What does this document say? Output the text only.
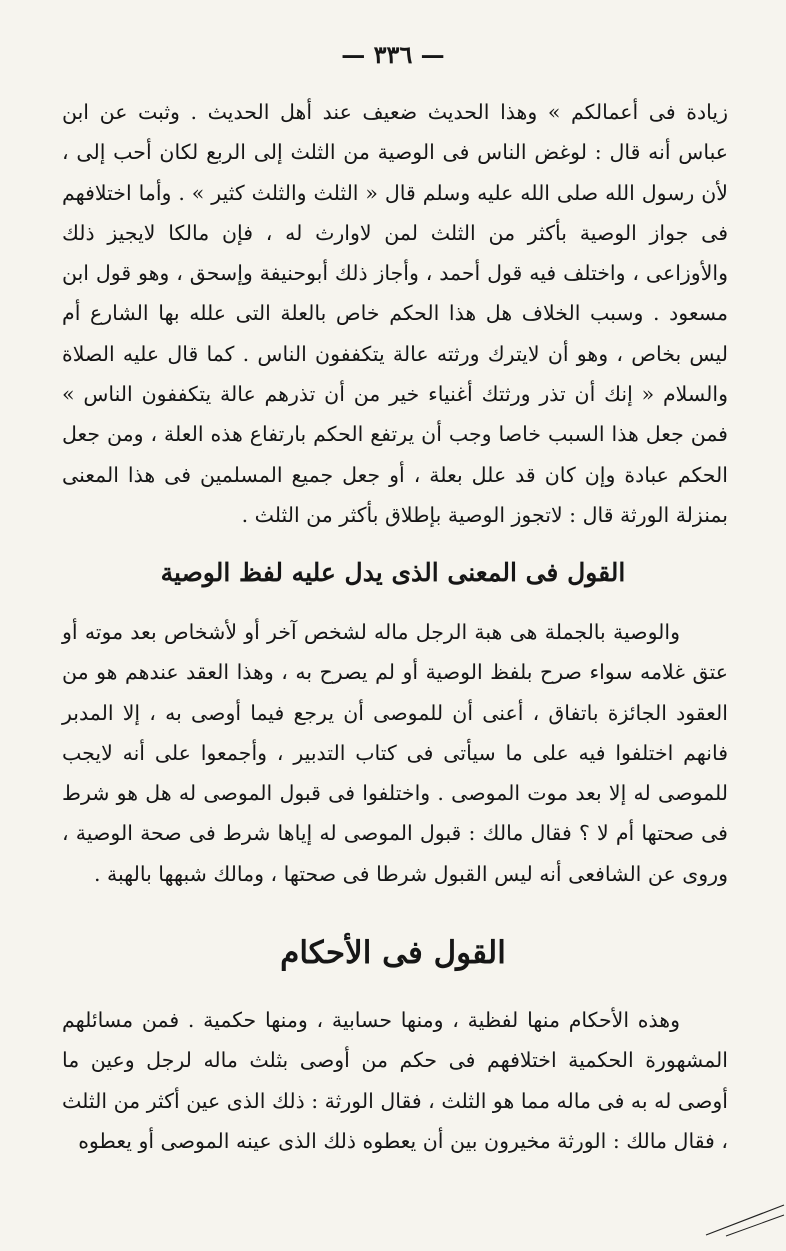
— ٣٣٦ —

زيادة فى أعمالكم » وهذا الحديث ضعيف عند أهل الحديث . وثبت عن ابن عباس أنه قال : لوغض الناس فى الوصية من الثلث إلى الربع لكان أحب إلى ، لأن رسول الله صلى الله عليه وسلم قال « الثلث والثلث كثير » . وأما اختلافهم فى جواز الوصية بأكثر من الثلث لمن لاوارث له ، فإن مالكا لايجيز ذلك والأوزاعى ، واختلف فيه قول أحمد ، وأجاز ذلك أبوحنيفة وإسحق ، وهو قول ابن مسعود . وسبب الخلاف هل هذا الحكم خاص بالعلة التى علله بها الشارع أم ليس بخاص ، وهو أن لايترك ورثته عالة يتكففون الناس . كما قال عليه الصلاة والسلام « إنك أن تذر ورثتك أغنياء خير من أن تذرهم عالة يتكففون الناس » فمن جعل هذا السبب خاصا وجب أن يرتفع الحكم بارتفاع هذه العلة ، ومن جعل الحكم عبادة وإن كان قد علل بعلة ، أو جعل جميع المسلمين فى هذا المعنى بمنزلة الورثة قال : لاتجوز الوصية بإطلاق بأكثر من الثلث .

القول فى المعنى الذى يدل عليه لفظ الوصية

والوصية بالجملة هى هبة الرجل ماله لشخص آخر أو لأشخاص بعد موته أو عتق غلامه سواء صرح بلفظ الوصية أو لم يصرح به ، وهذا العقد عندهم هو من العقود الجائزة باتفاق ، أعنى أن للموصى أن يرجع فيما أوصى به ، إلا المدبر فانهم اختلفوا فيه على ما سيأتى فى كتاب التدبير ، وأجمعوا على أنه لايجب للموصى له إلا بعد موت الموصى . واختلفوا فى قبول الموصى له هل هو شرط فى صحتها أم لا ؟ فقال مالك : قبول الموصى له إياها شرط فى صحة الوصية ، وروى عن الشافعى أنه ليس القبول شرطا فى صحتها ، ومالك شبهها بالهبة .

القول فى الأحكام

وهذه الأحكام منها لفظية ، ومنها حسابية ، ومنها حكمية . فمن مسائلهم المشهورة الحكمية اختلافهم فى حكم من أوصى بثلث ماله لرجل وعين ما أوصى له به فى ماله مما هو الثلث ، فقال الورثة : ذلك الذى عين أكثر من الثلث ، فقال مالك : الورثة مخيرون بين أن يعطوه ذلك الذى عينه الموصى أو يعطوه
